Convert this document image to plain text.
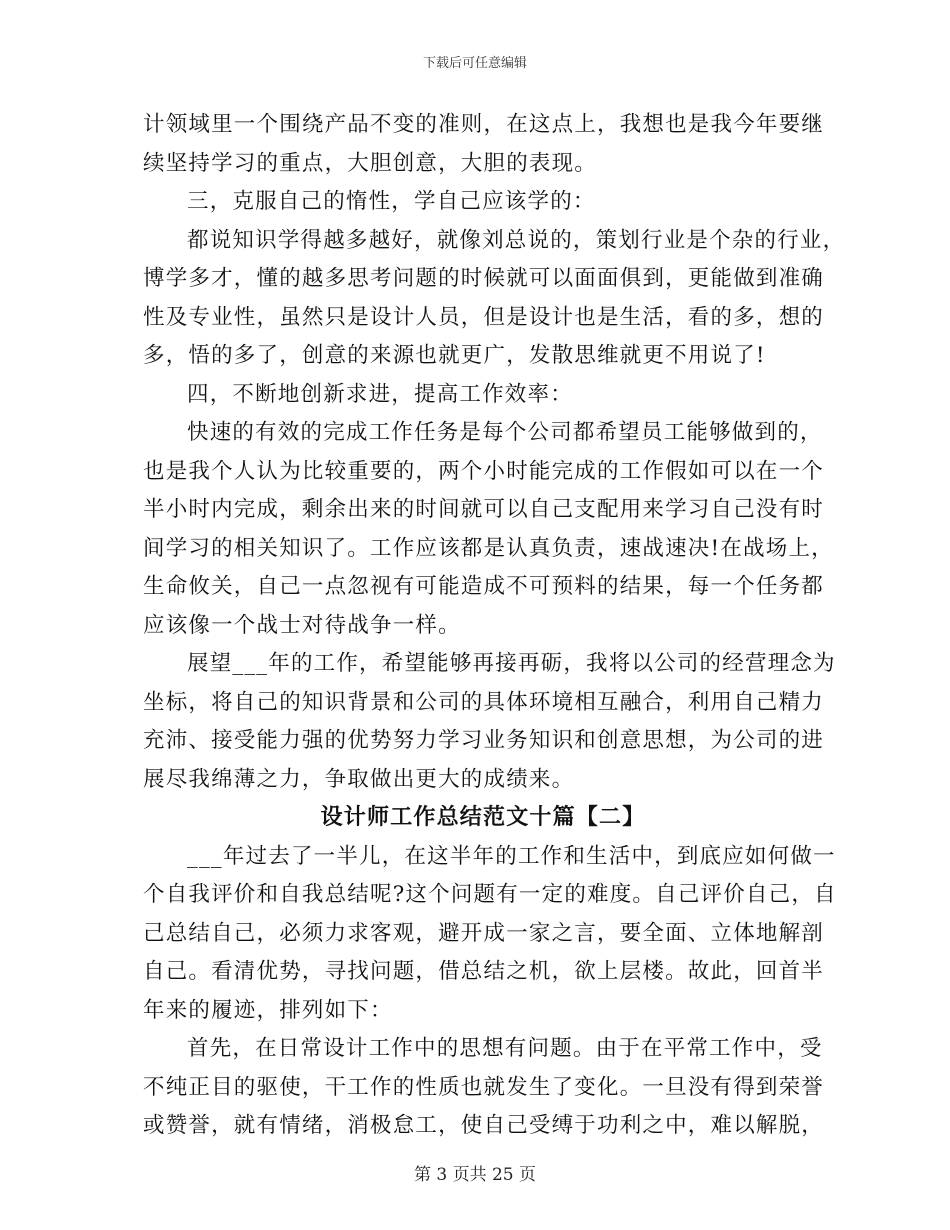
下载后可任意编辑
计领域里一个围绕产品不变的准则，在这点上，我想也是我今年要继
续坚持学习的重点，大胆创意，大胆的表现。
三，克服自己的惰性，学自己应该学的：
都说知识学得越多越好，就像刘总说的，策划行业是个杂的行业，
博学多才，懂的越多思考问题的时候就可以面面俱到，更能做到准确
性及专业性，虽然只是设计人员，但是设计也是生活，看的多，想的
多，悟的多了，创意的来源也就更广，发散思维就更不用说了!
四，不断地创新求进，提高工作效率：
快速的有效的完成工作任务是每个公司都希望员工能够做到的，
也是我个人认为比较重要的，两个小时能完成的工作假如可以在一个
半小时内完成，剩余出来的时间就可以自己支配用来学习自己没有时
间学习的相关知识了。工作应该都是认真负责，速战速决!在战场上，
生命攸关，自己一点忽视有可能造成不可预料的结果，每一个任务都
应该像一个战士对待战争一样。
展望___年的工作，希望能够再接再砺，我将以公司的经营理念为
坐标，将自己的知识背景和公司的具体环境相互融合，利用自己精力
充沛、接受能力强的优势努力学习业务知识和创意思想，为公司的进
展尽我绵薄之力，争取做出更大的成绩来。
设计师工作总结范文十篇【二】
___年过去了一半儿，在这半年的工作和生活中，到底应如何做一
个自我评价和自我总结呢?这个问题有一定的难度。自己评价自己，自
己总结自己，必须力求客观，避开成一家之言，要全面、立体地解剖
自己。看清优势，寻找问题，借总结之机，欲上层楼。故此，回首半
年来的履迹，排列如下：
首先，在日常设计工作中的思想有问题。由于在平常工作中，受
不纯正目的驱使，干工作的性质也就发生了变化。一旦没有得到荣誉
或赞誉，就有情绪，消极怠工，使自己受缚于功利之中，难以解脱，
第 3 页共 25 页
